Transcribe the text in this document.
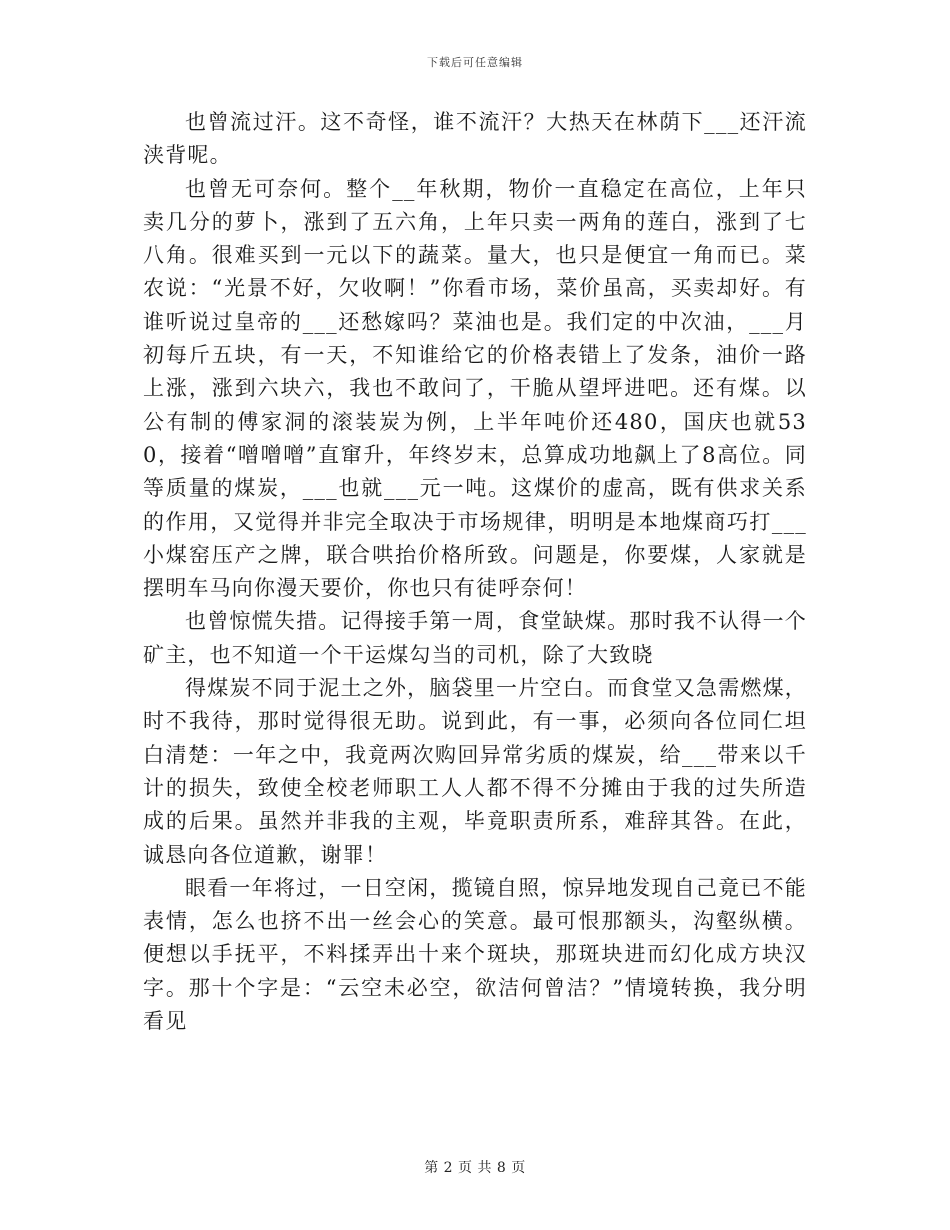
下载后可任意编辑

也曾流过汗。这不奇怪，谁不流汗？大热天在林荫下___还汗流浃背呢。

也曾无可奈何。整个__年秋期，物价一直稳定在高位，上年只卖几分的萝卜，涨到了五六角，上年只卖一两角的莲白，涨到了七八角。很难买到一元以下的蔬菜。量大，也只是便宜一角而已。菜农说：“光景不好，欠收啊！”你看市场，菜价虽高，买卖却好。有谁听说过皇帝的___还愁嫁吗？菜油也是。我们定的中次油，___月初每斤五块，有一天，不知谁给它的价格表错上了发条，油价一路上涨，涨到六块六，我也不敢问了，干脆从望坪进吧。还有煤。以公有制的傅家洞的滚装炭为例，上半年吨价还480，国庆也就530，接着“噌噌噌”直窜升，年终岁末，总算成功地飙上了8高位。同等质量的煤炭，___也就___元一吨。这煤价的虚高，既有供求关系的作用，又觉得并非完全取决于市场规律，明明是本地煤商巧打___小煤窑压产之牌，联合哄抬价格所致。问题是，你要煤，人家就是摆明车马向你漫天要价，你也只有徒呼奈何！

也曾惊慌失措。记得接手第一周，食堂缺煤。那时我不认得一个矿主，也不知道一个干运煤勾当的司机，除了大致晓

得煤炭不同于泥土之外，脑袋里一片空白。而食堂又急需燃煤，时不我待，那时觉得很无助。说到此，有一事，必须向各位同仁坦白清楚：一年之中，我竟两次购回异常劣质的煤炭，给___带来以千计的损失，致使全校老师职工人人都不得不分摊由于我的过失所造成的后果。虽然并非我的主观，毕竟职责所系，难辞其咎。在此，诚恳向各位道歉，谢罪！

眼看一年将过，一日空闲，揽镜自照，惊异地发现自己竟已不能表情，怎么也挤不出一丝会心的笑意。最可恨那额头，沟壑纵横。便想以手抚平，不料揉弄出十来个斑块，那斑块进而幻化成方块汉字。那十个字是：“云空未必空，欲洁何曾洁？”情境转换，我分明看见

第 2 页 共 8 页
